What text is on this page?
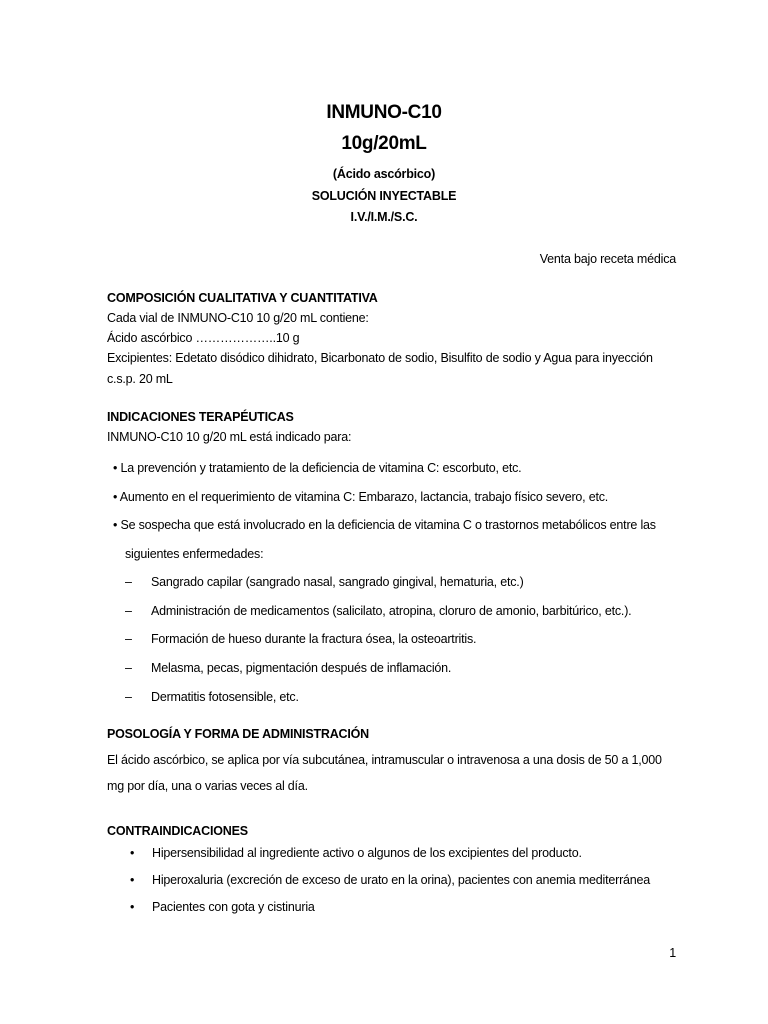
INMUNO-C10
10g/20mL
(Ácido ascórbico)
SOLUCIÓN INYECTABLE
I.V./I.M./S.C.
Venta bajo receta médica
COMPOSICIÓN CUALITATIVA Y CUANTITATIVA
Cada vial de INMUNO-C10 10 g/20 mL contiene:
Ácido ascórbico ………………..10 g
Excipientes: Edetato disódico dihidrato, Bicarbonato de sodio, Bisulfito de sodio y Agua para inyección
c.s.p. 20 mL
INDICACIONES TERAPÉUTICAS
INMUNO-C10 10 g/20 mL está indicado para:
• La prevención y tratamiento de la deficiencia de vitamina C: escorbuto, etc.
• Aumento en el requerimiento de vitamina C: Embarazo, lactancia, trabajo físico severo, etc.
• Se sospecha que está involucrado en la deficiencia de vitamina C o trastornos metabólicos entre las
siguientes enfermedades:
– Sangrado capilar (sangrado nasal, sangrado gingival, hematuria, etc.)
– Administración de medicamentos (salicilato, atropina, cloruro de amonio, barbitúrico, etc.).
– Formación de hueso durante la fractura ósea, la osteoartritis.
– Melasma, pecas, pigmentación después de inflamación.
– Dermatitis fotosensible, etc.
POSOLOGÍA Y FORMA DE ADMINISTRACIÓN
El ácido ascórbico, se aplica por vía subcutánea, intramuscular o intravenosa a una dosis de 50 a 1,000
mg por día, una o varias veces al día.
CONTRAINDICACIONES
• Hipersensibilidad al ingrediente activo o algunos de los excipientes del producto.
• Hiperoxaluria (excreción de exceso de urato en la orina), pacientes con anemia mediterránea
• Pacientes con gota y cistinuria
1
